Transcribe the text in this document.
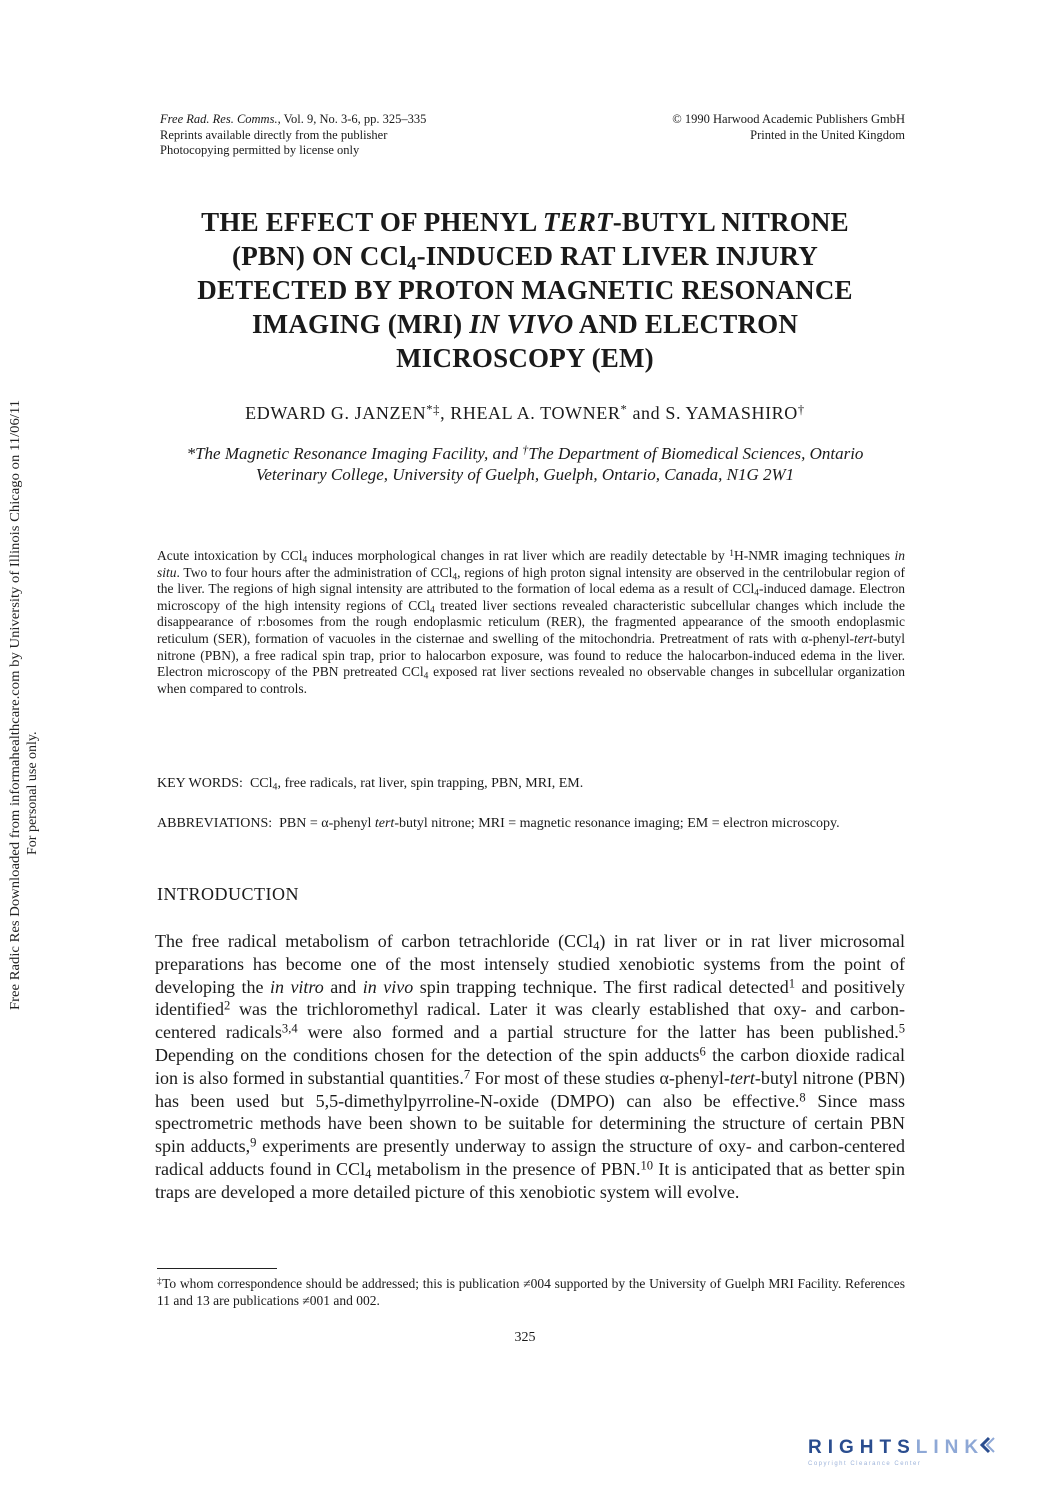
Free Rad. Res. Comms., Vol. 9, No. 3-6, pp. 325–335
Reprints available directly from the publisher
Photocopying permitted by license only
© 1990 Harwood Academic Publishers GmbH
Printed in the United Kingdom
THE EFFECT OF PHENYL TERT-BUTYL NITRONE
(PBN) ON CCl$_4$-INDUCED RAT LIVER INJURY
DETECTED BY PROTON MAGNETIC RESONANCE
IMAGING (MRI) IN VIVO AND ELECTRON
MICROSCOPY (EM)
EDWARD G. JANZEN*‡, RHEAL A. TOWNER* and S. YAMASHIRO†
*The Magnetic Resonance Imaging Facility, and †The Department of Biomedical Sciences, Ontario Veterinary College, University of Guelph, Guelph, Ontario, Canada, N1G 2W1
Acute intoxication by CCl$_4$ induces morphological changes in rat liver which are readily detectable by $^1$H-NMR imaging techniques in situ. Two to four hours after the administration of CCl$_4$, regions of high proton signal intensity are observed in the centrilobular region of the liver. The regions of high signal intensity are attributed to the formation of local edema as a result of CCl$_4$-induced damage. Electron microscopy of the high intensity regions of CCl$_4$ treated liver sections revealed characteristic subcellular changes which include the disappearance of r:bosomes from the rough endoplasmic reticulum (RER), the fragmented appearance of the smooth endoplasmic reticulum (SER), formation of vacuoles in the cisternae and swelling of the mitochondria. Pretreatment of rats with α-phenyl-tert-butyl nitrone (PBN), a free radical spin trap, prior to halocarbon exposure, was found to reduce the halocarbon-induced edema in the liver. Electron microscopy of the PBN pretreated CCl$_4$ exposed rat liver sections revealed no observable changes in subcellular organization when compared to controls.
KEY WORDS: CCl$_4$, free radicals, rat liver, spin trapping, PBN, MRI, EM.
ABBREVIATIONS: PBN = α-phenyl tert-butyl nitrone; MRI = magnetic resonance imaging; EM = electron microscopy.
INTRODUCTION
The free radical metabolism of carbon tetrachloride (CCl$_4$) in rat liver or in rat liver microsomal preparations has become one of the most intensely studied xenobiotic systems from the point of developing the in vitro and in vivo spin trapping technique. The first radical detected$^1$ and positively identified$^2$ was the trichloromethyl radical. Later it was clearly established that oxy- and carbon-centered radicals$^{3,4}$ were also formed and a partial structure for the latter has been published.$^5$ Depending on the conditions chosen for the detection of the spin adducts$^6$ the carbon dioxide radical ion is also formed in substantial quantities.$^7$ For most of these studies α-phenyl-tert-butyl nitrone (PBN) has been used but 5,5-dimethylpyrroline-N-oxide (DMPO) can also be effective.$^8$ Since mass spectrometric methods have been shown to be suitable for determining the structure of certain PBN spin adducts,$^9$ experiments are presently underway to assign the structure of oxy- and carbon-centered radical adducts found in CCl$_4$ metabolism in the presence of PBN.$^{10}$ It is anticipated that as better spin traps are developed a more detailed picture of this xenobiotic system will evolve.
‡To whom correspondence should be addressed; this is publication ≠004 supported by the University of Guelph MRI Facility. References 11 and 13 are publications ≠001 and 002.
325
Free Radic Res Downloaded from informahealthcare.com by University of Illinois Chicago on 11/06/11 For personal use only.
RIGHTSLINK
Copyright Clearance Center
